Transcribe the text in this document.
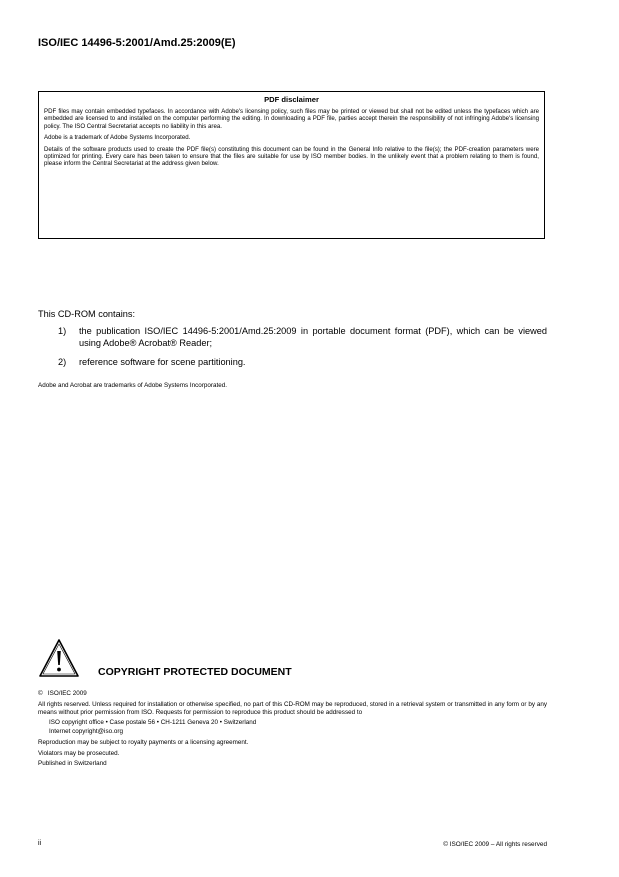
ISO/IEC 14496-5:2001/Amd.25:2009(E)
PDF disclaimer

PDF files may contain embedded typefaces. In accordance with Adobe's licensing policy, such files may be printed or viewed but shall not be edited unless the typefaces which are embedded are licensed to and installed on the computer performing the editing. In downloading a PDF file, parties accept therein the responsibility of not infringing Adobe's licensing policy. The ISO Central Secretariat accepts no liability in this area.

Adobe is a trademark of Adobe Systems Incorporated.

Details of the software products used to create the PDF file(s) constituting this document can be found in the General Info relative to the file(s); the PDF-creation parameters were optimized for printing. Every care has been taken to ensure that the files are suitable for use by ISO member bodies. In the unlikely event that a problem relating to them is found, please inform the Central Secretariat at the address given below.

This CD-ROM contains:
1)	the publication ISO/IEC 14496-5:2001/Amd.25:2009 in portable document format (PDF), which can be viewed using Adobe® Acrobat® Reader;
2)	reference software for scene partitioning.
Adobe and Acrobat are trademarks of Adobe Systems Incorporated.
COPYRIGHT PROTECTED DOCUMENT

©   ISO/IEC 2009

All rights reserved. Unless required for installation or otherwise specified, no part of this CD-ROM may be reproduced, stored in a retrieval system or transmitted in any form or by any means without prior permission from ISO. Requests for permission to reproduce this product should be addressed to

ISO copyright office • Case postale 56 • CH-1211 Geneva 20 • Switzerland
Internet copyright@iso.org

Reproduction may be subject to royalty payments or a licensing agreement.

Violators may be prosecuted.

Published in Switzerland

ii	© ISO/IEC 2009 – All rights reserved
